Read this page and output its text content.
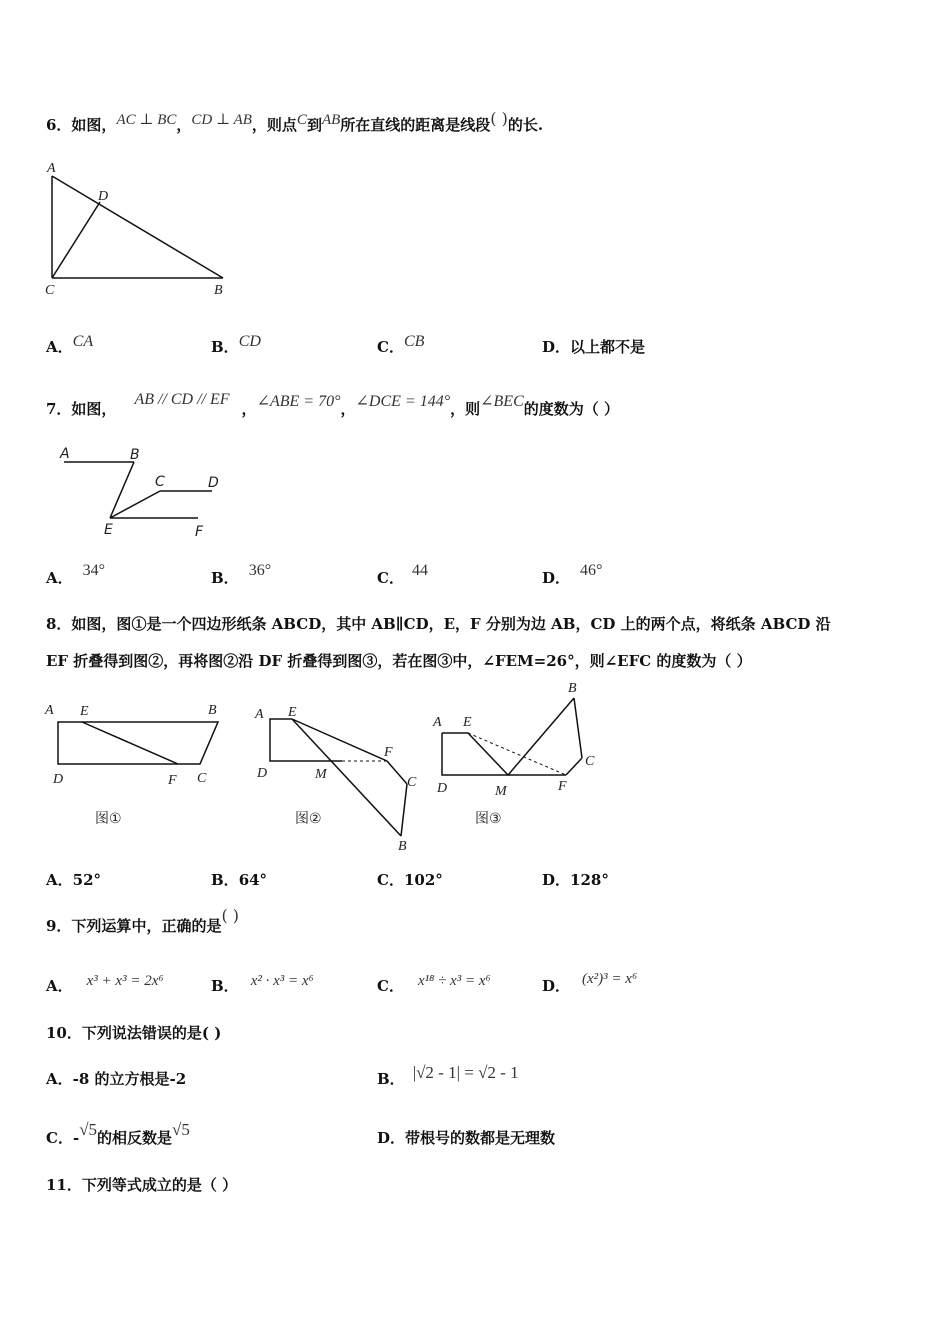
6．如图，AC ⊥ BC，CD ⊥ AB，则点C到AB所在直线的距离是线段( )的长.
A
D
C	B
A．CA	B．CD	C．CB	D．以上都不是
7．如图，AB // CD // EF，∠ABE = 70°，∠DCE = 144°，则∠BEC的度数为（ ）
A	B
C	D
E	F
A． 34°	B． 36°	C． 44	D． 46°
8．如图，图①是一个四边形纸条 ABCD，其中 AB∥CD，E，F 分别为边 AB，CD 上的两个点，将纸条 ABCD 沿
EF 折叠得到图②，再将图②沿 DF 折叠得到图③，若在图③中，∠FEM=26°，则∠EFC 的度数为（ ）
A E	B
D	F C
图①
A E
D	M
F
C
B
图②
A E
B
C
D	M	F
图③
A．52°	B．64°	C．102°	D．128°
9．下列运算中，正确的是( )
A． x³ + x³ = 2x⁶	B． x² · x³ = x⁶	C． x¹⁸ ÷ x³ = x⁶	D． (x²)³ = x⁶
10．下列说法错误的是( )
A．-8 的立方根是-2	B． |√2 - 1| = √2 - 1
C．-√5的相反数是√5	D．带根号的数都是无理数
11．下列等式成立的是（ ）
